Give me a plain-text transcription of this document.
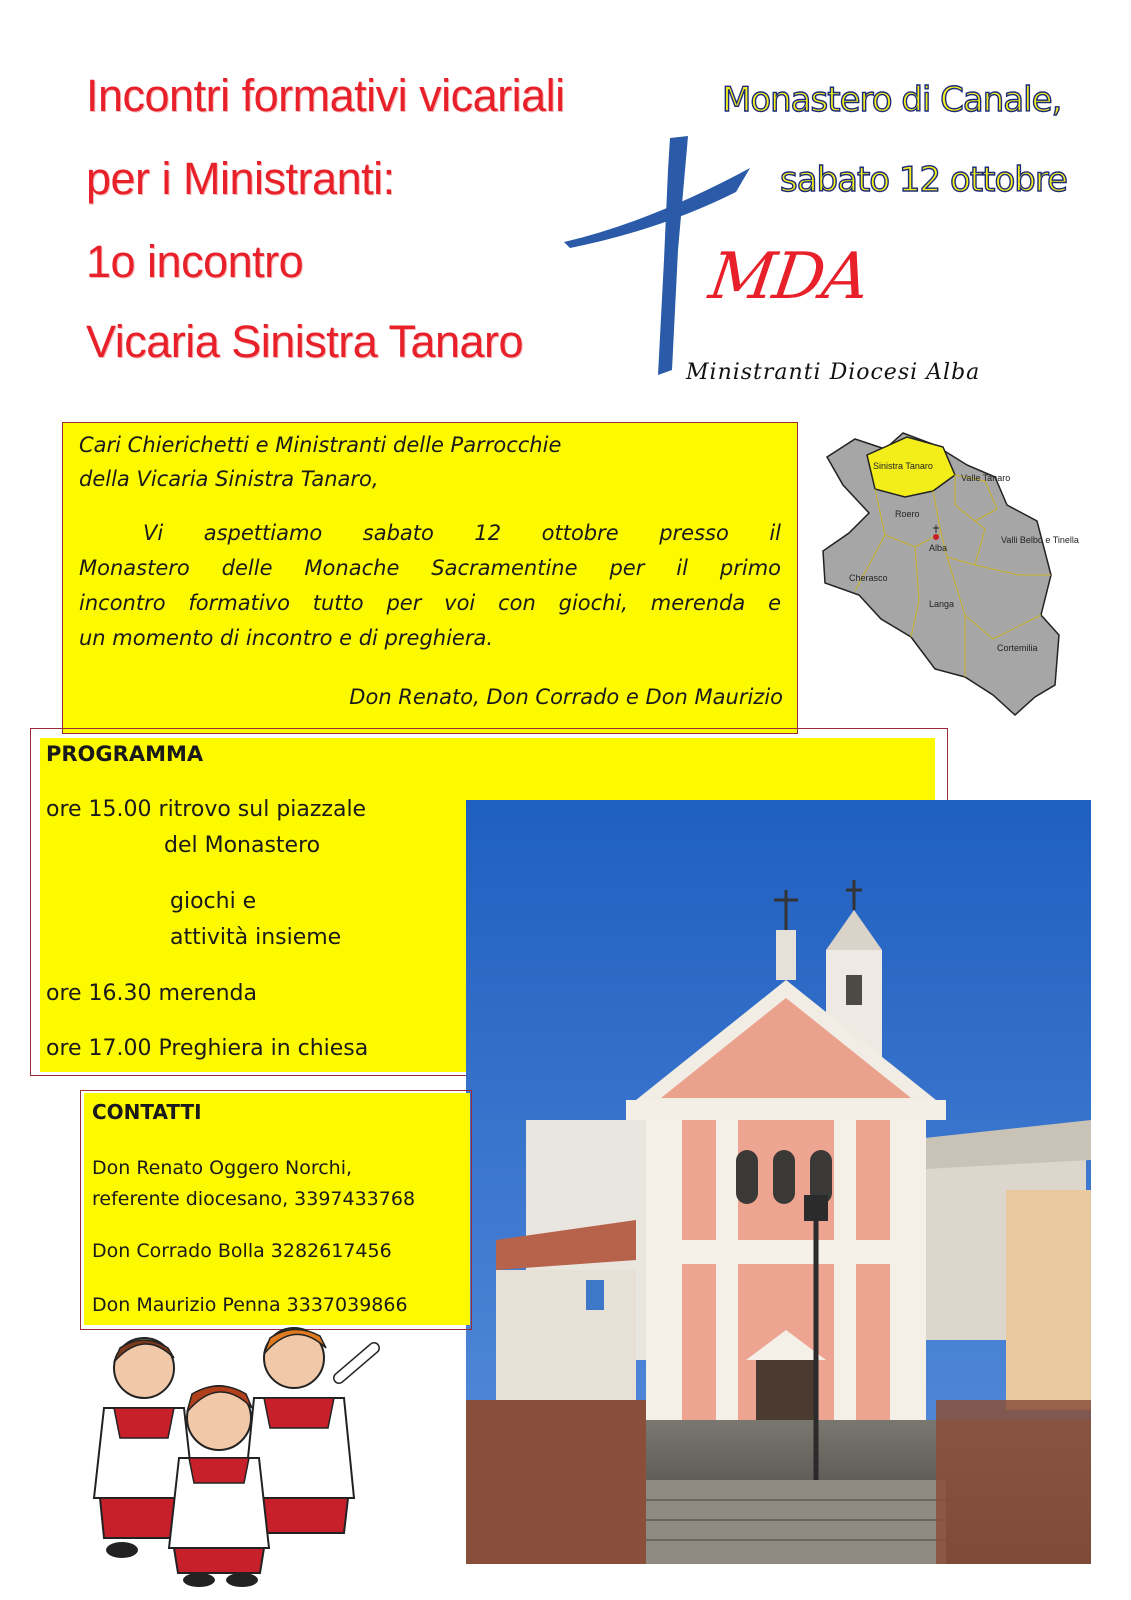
Incontri formativi vicariali
per i Ministranti:
1o incontro
Vicaria Sinistra Tanaro
Monastero di Canale,
sabato 12 ottobre
MDA
Ministranti Diocesi Alba

Cari Chierichetti e Ministranti delle Parrocchie

della Vicaria Sinistra Tanaro,

Vi aspettiamo sabato 12 ottobre presso il

Monastero delle Monache Sacramentine per il primo

incontro formativo tutto per voi con giochi, merenda e

un momento di incontro e di preghiera.

Don Renato, Don Corrado e Don Maurizio

Sinistra Tanaro
Valle Tanaro
Roero
Alba
Valli Belbo e Tinella
Cherasco
Langa
Cortemilia
PROGRAMMA
ore 15.00 ritrovo sul piazzale
del Monastero
giochi e
attività insieme
ore 16.30 merenda
ore 17.00 Preghiera in chiesa
CONTATTI
Don Renato Oggero Norchi,
referente diocesano, 3397433768
Don Corrado Bolla 3282617456
Don Maurizio Penna 3337039866
